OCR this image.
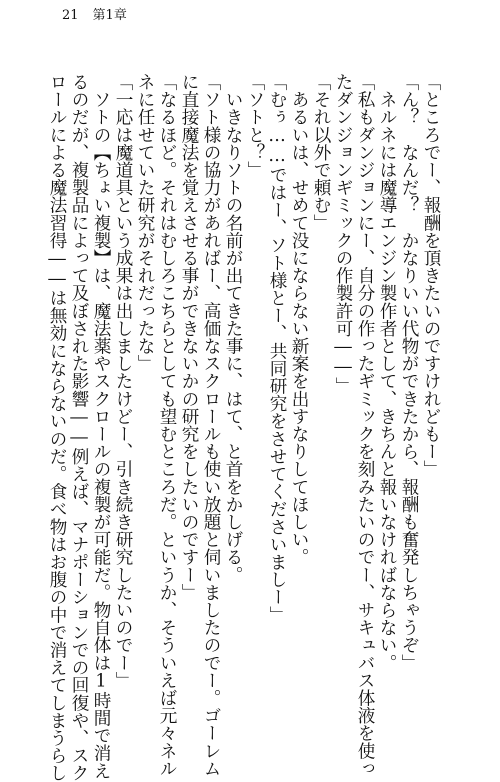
21 第1章
「ところでー、報酬を頂きたいのですけれどもー」
「ん？　なんだ？　かなりいい代物ができたから、報酬も奮発しちゃうぞ」
　ネルネには魔導エンジン製作者として、きちんと報いなければならない。
「私もダンジョンにー、自分の作ったギミックを刻みたいのでー、サキュバス体液を使っ
たダンジョンギミックの作製許可――」
「それ以外で頼む」
　あるいは、せめて没にならない新案を出すなりしてほしい。
「むぅ……ではー、ソト様とー、共同研究をさせてくださいましー」
「ソトと？」
　いきなりソトの名前が出てきた事に、はて、と首をかしげる。
「ソト様の協力があればー、高価なスクロールも使い放題と伺いましたのでー。ゴーレム
に直接魔法を覚えさせる事ができないかの研究をしたいのですー」
「なるほど。それはむしろこちらとしても望むところだ。というか、そういえば元々ネル
ネに任せていた研究がそれだったな」
「一応は魔道具という成果は出しましたけどー、引き続き研究したいのでー」
　ソトの【ちょい複製】は、魔法薬やスクロールの複製が可能だ。物自体は1時間で消え
るのだが、複製品によって及ぼされた影響――例えば、マナポーションでの回復や、スク
ロールによる魔法習得――は無効にならないのだ。食べ物はお腹の中で消えてしまうらし
